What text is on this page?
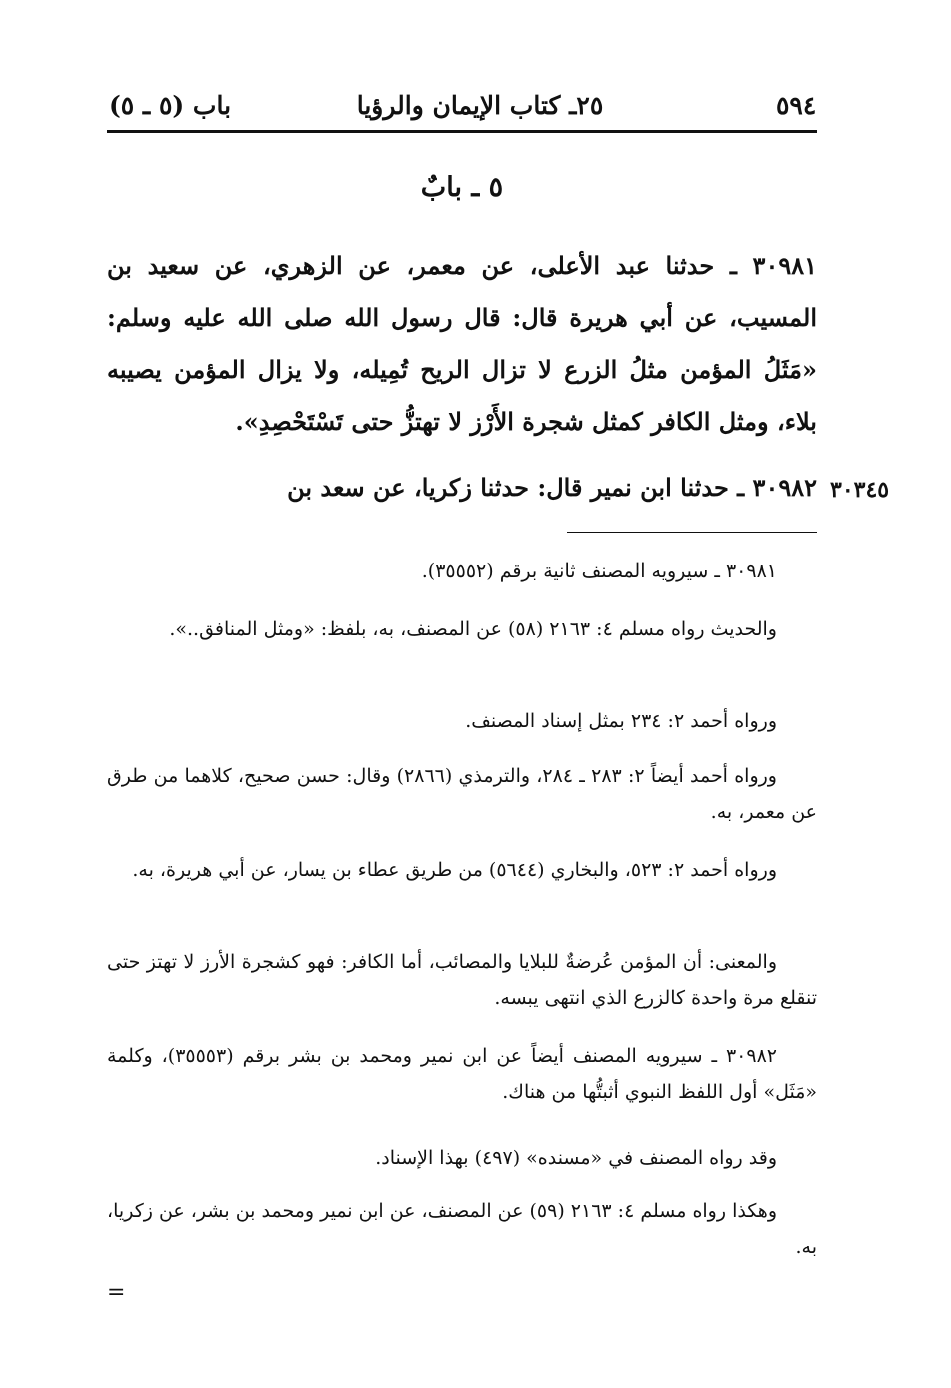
٥٩٤
٢٥ـ كتاب الإيمان والرؤيا
باب (٥ ـ ٥)
٥ ـ بابٌ
٣٠٩٨١ ـ حدثنا عبد الأعلى، عن معمر، عن الزهري، عن سعيد بن المسيب، عن أبي هريرة قال: قال رسول الله صلى الله عليه وسلم: «مَثَلُ المؤمن مثلُ الزرع لا تزال الريح تُمِيله، ولا يزال المؤمن يصيبه بلاء، ومثل الكافر كمثل شجرة الأَرْز لا تهتزُّ حتى تَسْتَحْصِدِ».
٣٠٩٨٢ ـ حدثنا ابن نمير قال: حدثنا زكريا، عن سعد بن ٣٠٣٤٥
٣٠٩٨١ ـ سيرويه المصنف ثانية برقم (٣٥٥٥٢).
والحديث رواه مسلم ٤: ٢١٦٣ (٥٨) عن المصنف، به، بلفظ: «ومثل المنافق..».
ورواه أحمد ٢: ٢٣٤ بمثل إسناد المصنف.
ورواه أحمد أيضاً ٢: ٢٨٣ ـ ٢٨٤، والترمذي (٢٨٦٦) وقال: حسن صحيح، كلاهما من طرق عن معمر، به.
ورواه أحمد ٢: ٥٢٣، والبخاري (٥٦٤٤) من طريق عطاء بن يسار، عن أبي هريرة، به.
والمعنى: أن المؤمن عُرضةٌ للبلايا والمصائب، أما الكافر: فهو كشجرة الأرز لا تهتز حتى تنقلع مرة واحدة كالزرع الذي انتهى يبسه.
٣٠٩٨٢ ـ سيرويه المصنف أيضاً عن ابن نمير ومحمد بن بشر برقم (٣٥٥٥٣)، وكلمة «مَثَل» أول اللفظ النبوي أثبتُّها من هناك.
وقد رواه المصنف في «مسنده» (٤٩٧) بهذا الإسناد.
وهكذا رواه مسلم ٤: ٢١٦٣ (٥٩) عن المصنف، عن ابن نمير ومحمد بن بشر، عن زكريا، به.
=
